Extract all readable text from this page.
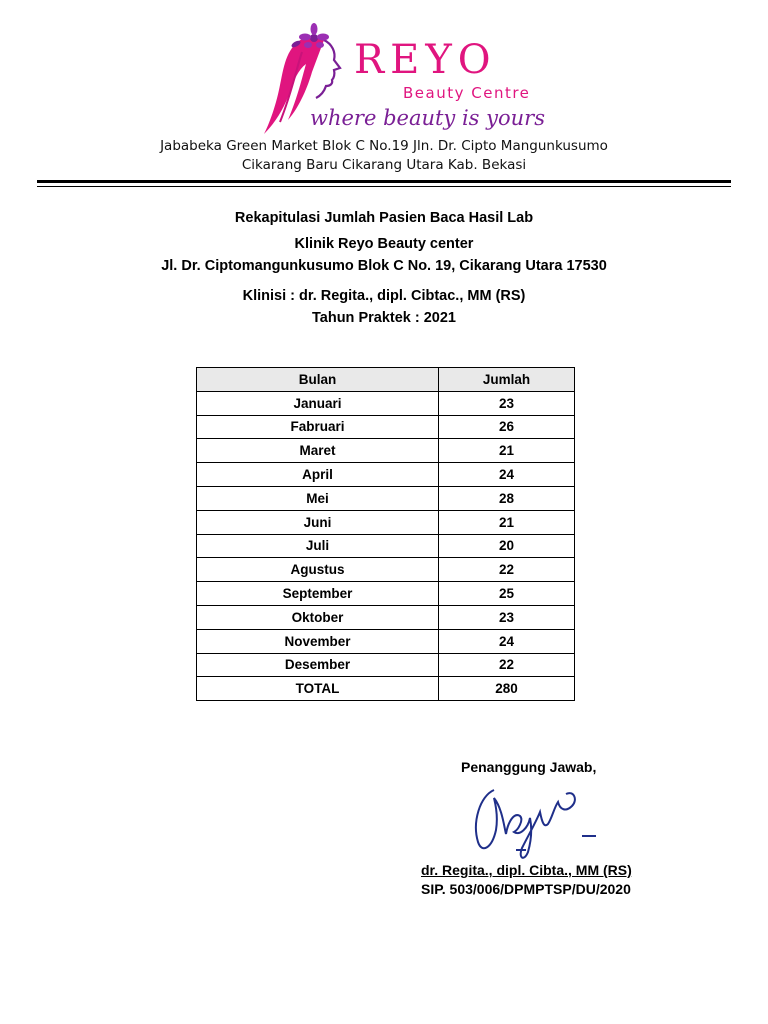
REYO
Beauty Centre
where beauty is yours
Jababeka Green Market Blok C No.19 Jln. Dr. Cipto Mangunkusumo
Cikarang Baru Cikarang Utara Kab. Bekasi
Rekapitulasi Jumlah Pasien Baca Hasil Lab
Klinik Reyo Beauty center
Jl. Dr. Ciptomangunkusumo Blok C No. 19, Cikarang Utara 17530
Klinisi : dr. Regita., dipl. Cibtac., MM (RS)
Tahun Praktek : 2021
Bulan	Jumlah
Januari	23
Fabruari	26
Maret	21
April	24
Mei	28
Juni	21
Juli	20
Agustus	22
September	25
Oktober	23
November	24
Desember	22
TOTAL	280
Penanggung Jawab,
dr. Regita., dipl. Cibta., MM (RS)
SIP. 503/006/DPMPTSP/DU/2020
